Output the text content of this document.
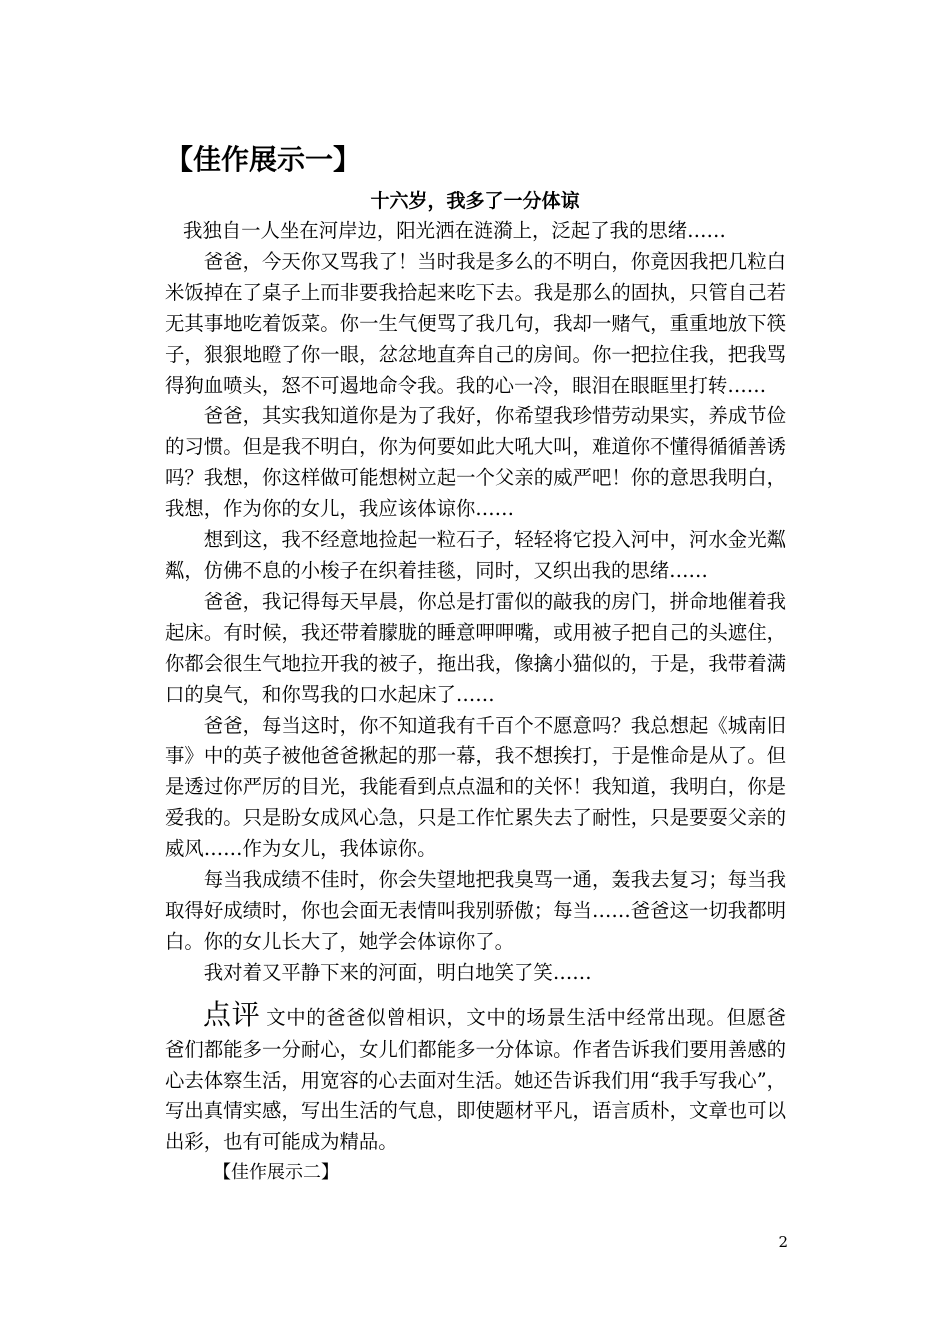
【佳作展示一】
十六岁，我多了一分体谅

我独自一人坐在河岸边，阳光洒在涟漪上，泛起了我的思绪……

爸爸，今天你又骂我了！当时我是多么的不明白，你竟因我把几粒白米饭掉在了桌子上而非要我拾起来吃下去。我是那么的固执，只管自己若无其事地吃着饭菜。你一生气便骂了我几句，我却一赌气，重重地放下筷子，狠狠地瞪了你一眼，忿忿地直奔自己的房间。你一把拉住我，把我骂得狗血喷头，怒不可遏地命令我。我的心一冷，眼泪在眼眶里打转……

爸爸，其实我知道你是为了我好，你希望我珍惜劳动果实，养成节俭的习惯。但是我不明白，你为何要如此大吼大叫，难道你不懂得循循善诱吗？我想，你这样做可能想树立起一个父亲的威严吧！你的意思我明白，我想，作为你的女儿，我应该体谅你……

想到这，我不经意地捡起一粒石子，轻轻将它投入河中，河水金光粼粼，仿佛不息的小梭子在织着挂毯，同时，又织出我的思绪……

爸爸，我记得每天早晨，你总是打雷似的敲我的房门，拼命地催着我起床。有时候，我还带着朦胧的睡意呷呷嘴，或用被子把自己的头遮住，你都会很生气地拉开我的被子，拖出我，像擒小猫似的，于是，我带着满口的臭气，和你骂我的口水起床了……

爸爸，每当这时，你不知道我有千百个不愿意吗？我总想起《城南旧事》中的英子被他爸爸揪起的那一幕，我不想挨打，于是惟命是从了。但是透过你严厉的目光，我能看到点点温和的关怀！我知道，我明白，你是爱我的。只是盼女成风心急，只是工作忙累失去了耐性，只是要耍父亲的威风……作为女儿，我体谅你。

每当我成绩不佳时，你会失望地把我臭骂一通，轰我去复习；每当我取得好成绩时，你也会面无表情叫我别骄傲；每当……爸爸这一切我都明白。你的女儿长大了，她学会体谅你了。

我对着又平静下来的河面，明白地笑了笑……

点评 文中的爸爸似曾相识，文中的场景生活中经常出现。但愿爸爸们都能多一分耐心，女儿们都能多一分体谅。作者告诉我们要用善感的心去体察生活，用宽容的心去面对生活。她还告诉我们用“我手写我心”，写出真情实感，写出生活的气息，即使题材平凡，语言质朴，文章也可以出彩，也有可能成为精品。

【佳作展示二】

2
